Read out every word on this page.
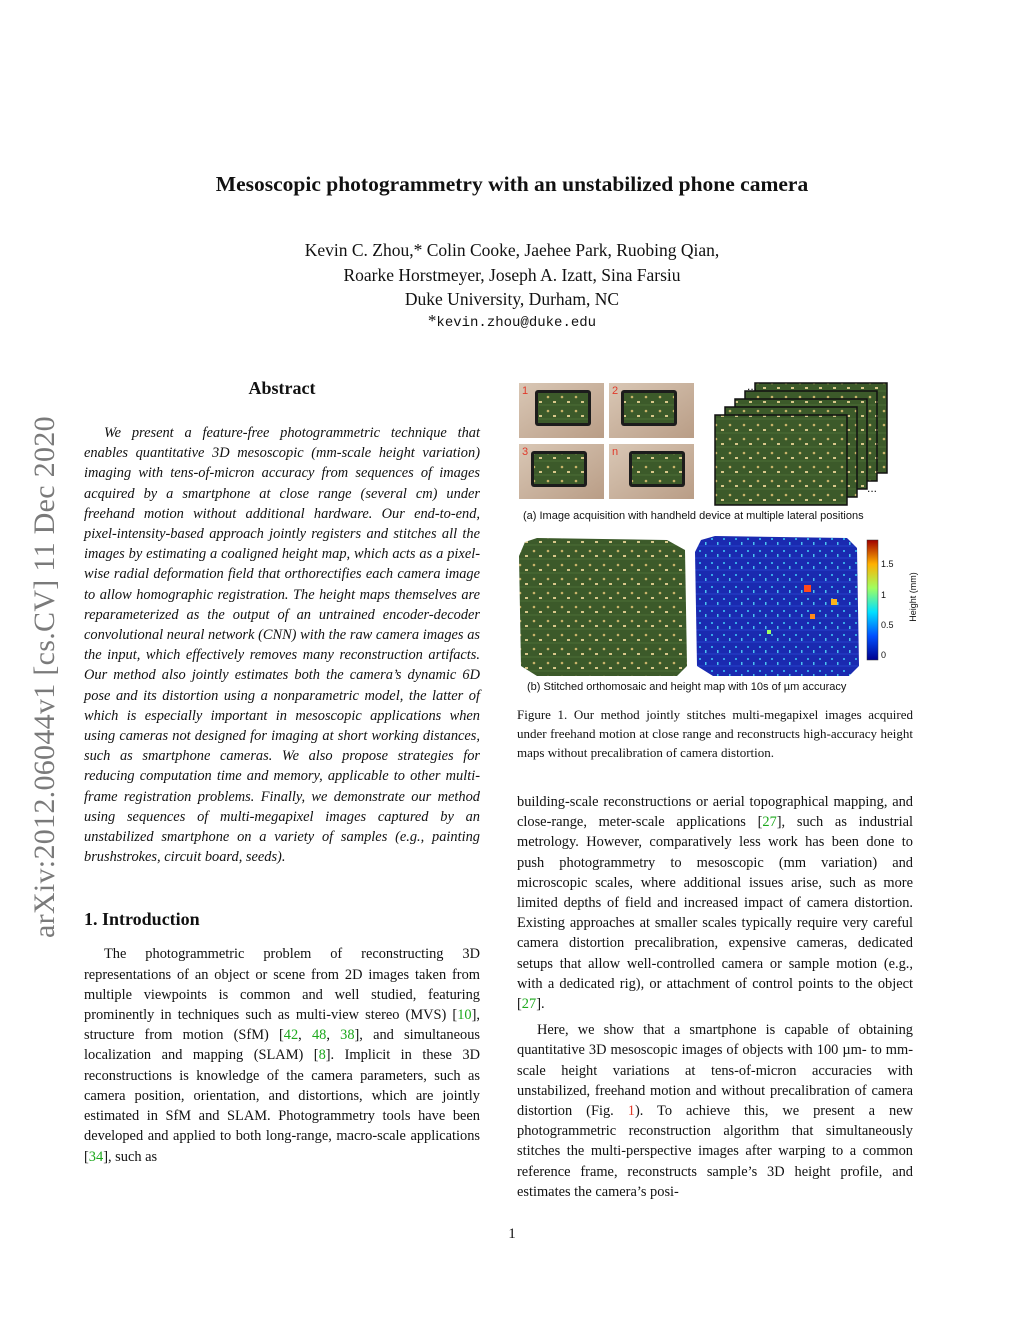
Mesoscopic photogrammetry with an unstabilized phone camera
Kevin C. Zhou,* Colin Cooke, Jaehee Park, Ruobing Qian,
Roarke Horstmeyer, Joseph A. Izatt, Sina Farsiu
Duke University, Durham, NC
*kevin.zhou@duke.edu
arXiv:2012.06044v1 [cs.CV] 11 Dec 2020
Abstract

We present a feature-free photogrammetric technique that enables quantitative 3D mesoscopic (mm-scale height variation) imaging with tens-of-micron accuracy from sequences of images acquired by a smartphone at close range (several cm) under freehand motion without additional hardware. Our end-to-end, pixel-intensity-based approach jointly registers and stitches all the images by estimating a coaligned height map, which acts as a pixel-wise radial deformation field that orthorectifies each camera image to allow homographic registration. The height maps themselves are reparameterized as the output of an untrained encoder-decoder convolutional neural network (CNN) with the raw camera images as the input, which effectively removes many reconstruction artifacts. Our method also jointly estimates both the camera’s dynamic 6D pose and its distortion using a nonparametric model, the latter of which is especially important in mesoscopic applications when using cameras not designed for imaging at short working distances, such as smartphone cameras. We also propose strategies for reducing computation time and memory, applicable to other multi-frame registration problems. Finally, we demonstrate our method using sequences of multi-megapixel images captured by an unstabilized smartphone on a variety of samples (e.g., painting brushstrokes, circuit board, seeds).

1. Introduction

The photogrammetric problem of reconstructing 3D representations of an object or scene from 2D images taken from multiple viewpoints is common and well studied, featuring prominently in techniques such as multi-view stereo (MVS) [10], structure from motion (SfM) [42, 48, 38], and simultaneous localization and mapping (SLAM) [8]. Implicit in these 3D reconstructions is knowledge of the camera parameters, such as camera position, orientation, and distortions, which are jointly estimated in SfM and SLAM. Photogrammetry tools have been developed and applied to both long-range, macro-scale applications [34], such as

1	2
3	n
...
...
(a) Image acquisition with handheld device at multiple lateral positions
1.5
1
0.5
0
Height (mm)
(b) Stitched orthomosaic and height map with 10s of µm accuracy

Figure 1. Our method jointly stitches multi-megapixel images acquired under freehand motion at close range and reconstructs high-accuracy height maps without precalibration of camera distortion.

building-scale reconstructions or aerial topographical mapping, and close-range, meter-scale applications [27], such as industrial metrology. However, comparatively less work has been done to push photogrammetry to mesoscopic (mm variation) and microscopic scales, where additional issues arise, such as more limited depths of field and increased impact of camera distortion. Existing approaches at smaller scales typically require very careful camera distortion precalibration, expensive cameras, dedicated setups that allow well-controlled camera or sample motion (e.g., with a dedicated rig), or attachment of control points to the object [27].

Here, we show that a smartphone is capable of obtaining quantitative 3D mesoscopic images of objects with 100 µm- to mm-scale height variations at tens-of-micron accuracies with unstabilized, freehand motion and without precalibration of camera distortion (Fig. 1). To achieve this, we present a new photogrammetric reconstruction algorithm that simultaneously stitches the multi-perspective images after warping to a common reference frame, reconstructs sample’s 3D height profile, and estimates the camera’s posi-

1
